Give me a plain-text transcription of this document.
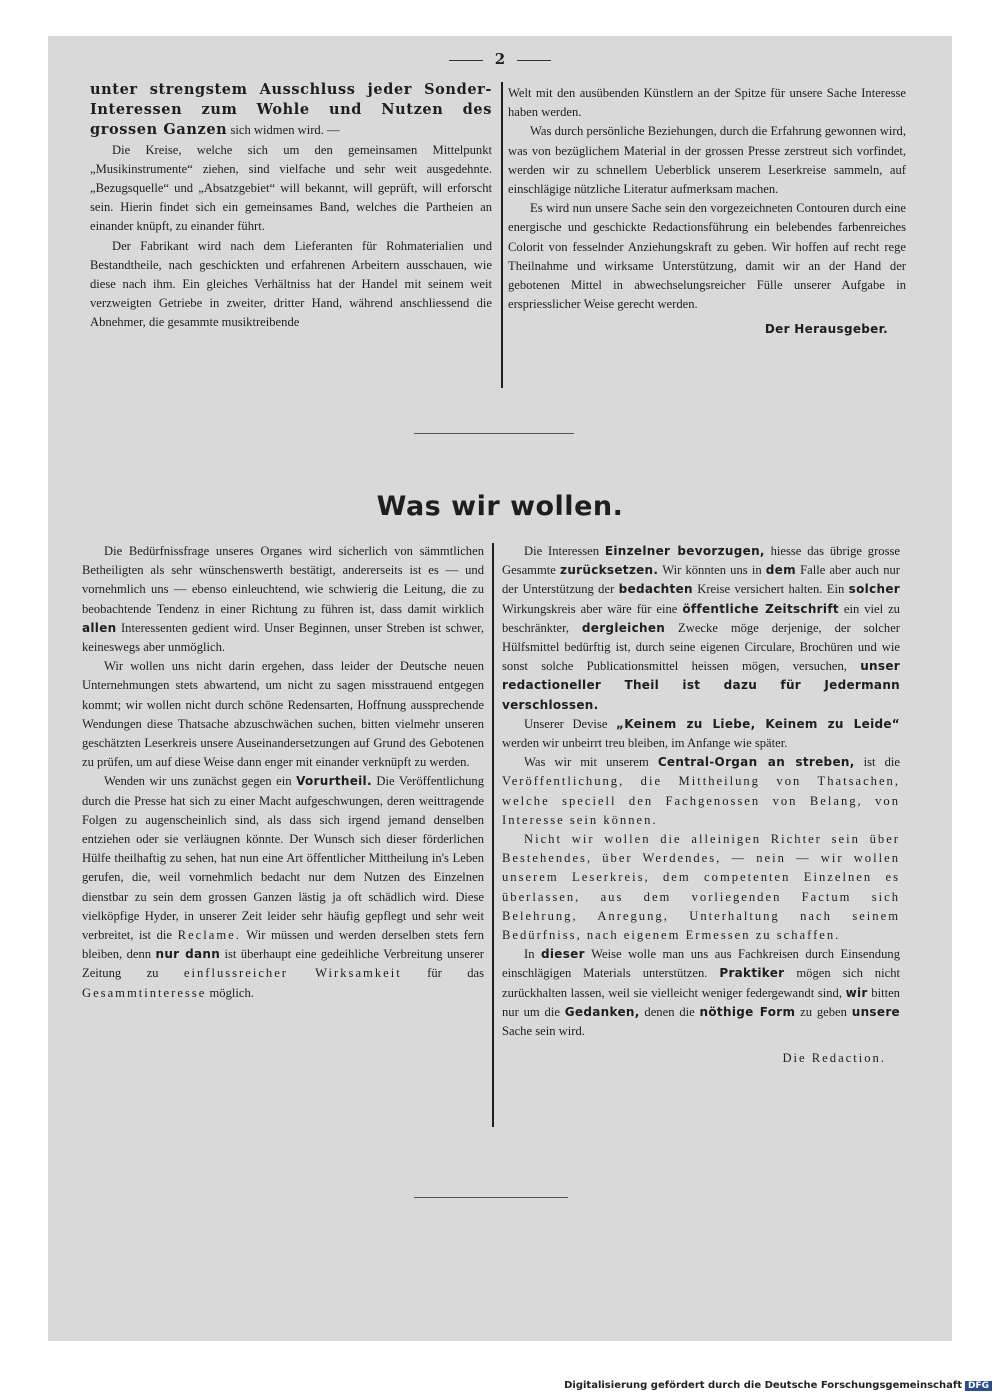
2

unter strengstem Ausschluss jeder Sonder-Interessen zum Wohle und Nutzen des grossen Ganzen sich widmen wird. —

Die Kreise, welche sich um den gemeinsamen Mittelpunkt „Musikinstrumente“ ziehen, sind vielfache und sehr weit ausgedehnte. „Bezugsquelle“ und „Absatzgebiet“ will bekannt, will geprüft, will erforscht sein. Hierin findet sich ein gemeinsames Band, welches die Partheien an einander knüpft, zu einander führt.

Der Fabrikant wird nach dem Lieferanten für Rohmaterialien und Bestandtheile, nach geschickten und erfahrenen Arbeitern ausschauen, wie diese nach ihm. Ein gleiches Verhältniss hat der Handel mit seinem weit verzweigten Getriebe in zweiter, dritter Hand, während anschliessend die Abnehmer, die gesammte musiktreibende

Welt mit den ausübenden Künstlern an der Spitze für unsere Sache Interesse haben werden.

Was durch persönliche Beziehungen, durch die Erfahrung gewonnen wird, was von bezüglichem Material in der grossen Presse zerstreut sich vorfindet, werden wir zu schnellem Ueberblick unserem Leserkreise sammeln, auf einschlägige nützliche Literatur aufmerksam machen.

Es wird nun unsere Sache sein den vorgezeichneten Contouren durch eine energische und geschickte Redactionsführung ein belebendes farbenreiches Colorit von fesselnder Anziehungskraft zu geben. Wir hoffen auf recht rege Theilnahme und wirksame Unterstützung, damit wir an der Hand der gebotenen Mittel in abwechselungsreicher Fülle unserer Aufgabe in erspriesslicher Weise gerecht werden.

Der Herausgeber.

Was wir wollen.

Die Bedürfnissfrage unseres Organes wird sicherlich von sämmtlichen Betheiligten als sehr wünschenswerth bestätigt, andererseits ist es — und vornehmlich uns — ebenso einleuchtend, wie schwierig die Leitung, die zu beobachtende Tendenz in einer Richtung zu führen ist, dass damit wirklich allen Interessenten gedient wird. Unser Beginnen, unser Streben ist schwer, keineswegs aber unmöglich.

Wir wollen uns nicht darin ergehen, dass leider der Deutsche neuen Unternehmungen stets abwartend, um nicht zu sagen misstrauend entgegen kommt; wir wollen nicht durch schöne Redensarten, Hoffnung aussprechende Wendungen diese Thatsache abzuschwächen suchen, bitten vielmehr unseren geschätzten Leserkreis unsere Auseinandersetzungen auf Grund des Gebotenen zu prüfen, um auf diese Weise dann enger mit einander verknüpft zu werden.

Wenden wir uns zunächst gegen ein Vorurtheil. Die Veröffentlichung durch die Presse hat sich zu einer Macht aufgeschwungen, deren weittragende Folgen zu augenscheinlich sind, als dass sich irgend jemand denselben entziehen oder sie verläugnen könnte. Der Wunsch sich dieser förderlichen Hülfe theilhaftig zu sehen, hat nun eine Art öffentlicher Mittheilung in's Leben gerufen, die, weil vornehmlich bedacht nur dem Nutzen des Einzelnen dienstbar zu sein dem grossen Ganzen lästig ja oft schädlich wird. Diese vielköpfige Hyder, in unserer Zeit leider sehr häufig gepflegt und sehr weit verbreitet, ist die Reclame. Wir müssen und werden derselben stets fern bleiben, denn nur dann ist überhaupt eine gedeihliche Verbreitung unserer Zeitung zu einflussreicher Wirksamkeit für das Gesammtinteresse möglich.

Die Interessen Einzelner bevorzugen, hiesse das übrige grosse Gesammte zurücksetzen. Wir könnten uns in dem Falle aber auch nur der Unterstützung der bedachten Kreise versichert halten. Ein solcher Wirkungskreis aber wäre für eine öffentliche Zeitschrift ein viel zu beschränkter, dergleichen Zwecke möge derjenige, der solcher Hülfsmittel bedürftig ist, durch seine eigenen Circulare, Brochüren und wie sonst solche Publicationsmittel heissen mögen, versuchen, unser redactioneller Theil ist dazu für Jedermann verschlossen.

Unserer Devise „Keinem zu Liebe, Keinem zu Leide“ werden wir unbeirrt treu bleiben, im Anfange wie später.

Was wir mit unserem Central-Organ an streben, ist die Veröffentlichung, die Mittheilung von Thatsachen, welche speciell den Fachgenossen von Belang, von Interesse sein können.

Nicht wir wollen die alleinigen Richter sein über Bestehendes, über Werdendes, — nein — wir wollen unserem Leserkreis, dem competenten Einzelnen es überlassen, aus dem vorliegenden Factum sich Belehrung, Anregung, Unterhaltung nach seinem Bedürfniss, nach eigenem Ermessen zu schaffen.

In dieser Weise wolle man uns aus Fachkreisen durch Einsendung einschlägigen Materials unterstützen. Praktiker mögen sich nicht zurückhalten lassen, weil sie vielleicht weniger federgewandt sind, wir bitten nur um die Gedanken, denen die nöthige Form zu geben unsere Sache sein wird.

Die Redaction.

Digitalisierung gefördert durch die Deutsche Forschungsgemeinschaft DFG
